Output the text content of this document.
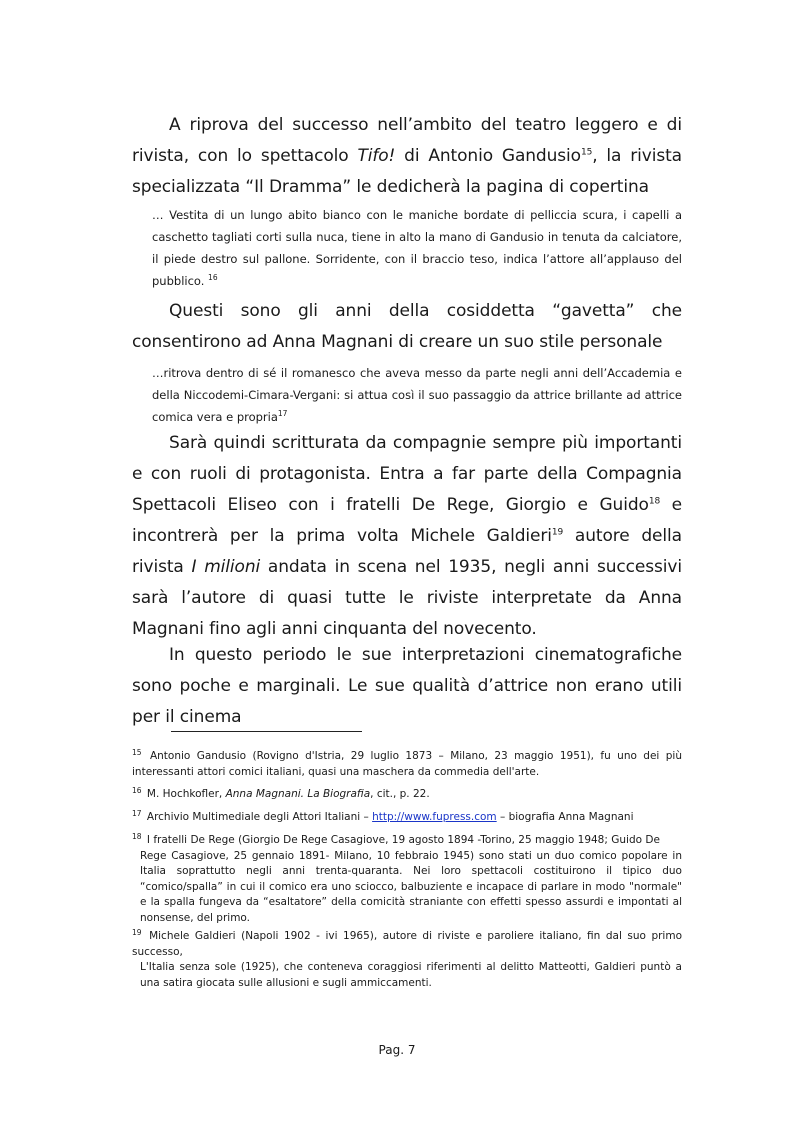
A riprova del successo nell’ambito del teatro leggero e di rivista, con lo spettacolo Tifo! di Antonio Gandusio$^{15}$, la rivista specializzata “Il Dramma” le dedicherà la pagina di copertina

… Vestita di un lungo abito bianco con le maniche bordate di pelliccia scura, i capelli a caschetto tagliati corti sulla nuca, tiene in alto la mano di Gandusio in tenuta da calciatore, il piede destro sul pallone. Sorridente, con il braccio teso, indica l’attore all’applauso del pubblico. $^{16}$

Questi sono gli anni della cosiddetta “gavetta” che consentirono ad Anna Magnani di creare un suo stile personale

…ritrova dentro di sé il romanesco che aveva messo da parte negli anni dell’Accademia e della Niccodemi-Cimara-Vergani: si attua così il suo passaggio da attrice brillante ad attrice comica vera e propria$^{17}$

Sarà quindi scritturata da compagnie sempre più importanti e con ruoli di protagonista. Entra a far parte della Compagnia Spettacoli Eliseo con i fratelli De Rege, Giorgio e Guido$^{18}$ e incontrerà per la prima volta Michele Galdieri$^{19}$ autore della rivista I milioni andata in scena nel 1935, negli anni successivi sarà l’autore di quasi tutte le riviste interpretate da Anna Magnani fino agli anni cinquanta del novecento.

In questo periodo le sue interpretazioni cinematografiche sono poche e marginali. Le sue qualità d’attrice non erano utili per il cinema

$^{15}$ Antonio Gandusio (Rovigno d'Istria, 29 luglio 1873 – Milano, 23 maggio 1951), fu uno dei più interessanti attori comici italiani, quasi una maschera da commedia dell'arte.

$^{16}$ M. Hochkofler, Anna Magnani. La Biografia, cit., p. 22.

$^{17}$ Archivio Multimediale degli Attori Italiani – http://www.fupress.com – biografia Anna Magnani

$^{18}$ I fratelli De Rege (Giorgio De Rege Casagiove, 19 agosto 1894 -Torino, 25 maggio 1948; Guido De
Rege Casagiove, 25 gennaio 1891- Milano, 10 febbraio 1945) sono stati un duo comico popolare in Italia soprattutto negli anni trenta-quaranta. Nei loro spettacoli costituirono il tipico duo “comico/spalla” in cui il comico era uno sciocco, balbuziente e incapace di parlare in modo "normale" e la spalla fungeva da “esaltatore” della comicità straniante con effetti spesso assurdi e impontati al nonsense, del primo.

$^{19}$ Michele Galdieri (Napoli 1902 - ivi 1965), autore di riviste e paroliere italiano, fin dal suo primo successo,
L'Italia senza sole (1925), che conteneva coraggiosi riferimenti al delitto Matteotti, Galdieri puntò a una satira giocata sulle allusioni e sugli ammiccamenti.

Pag. 7
